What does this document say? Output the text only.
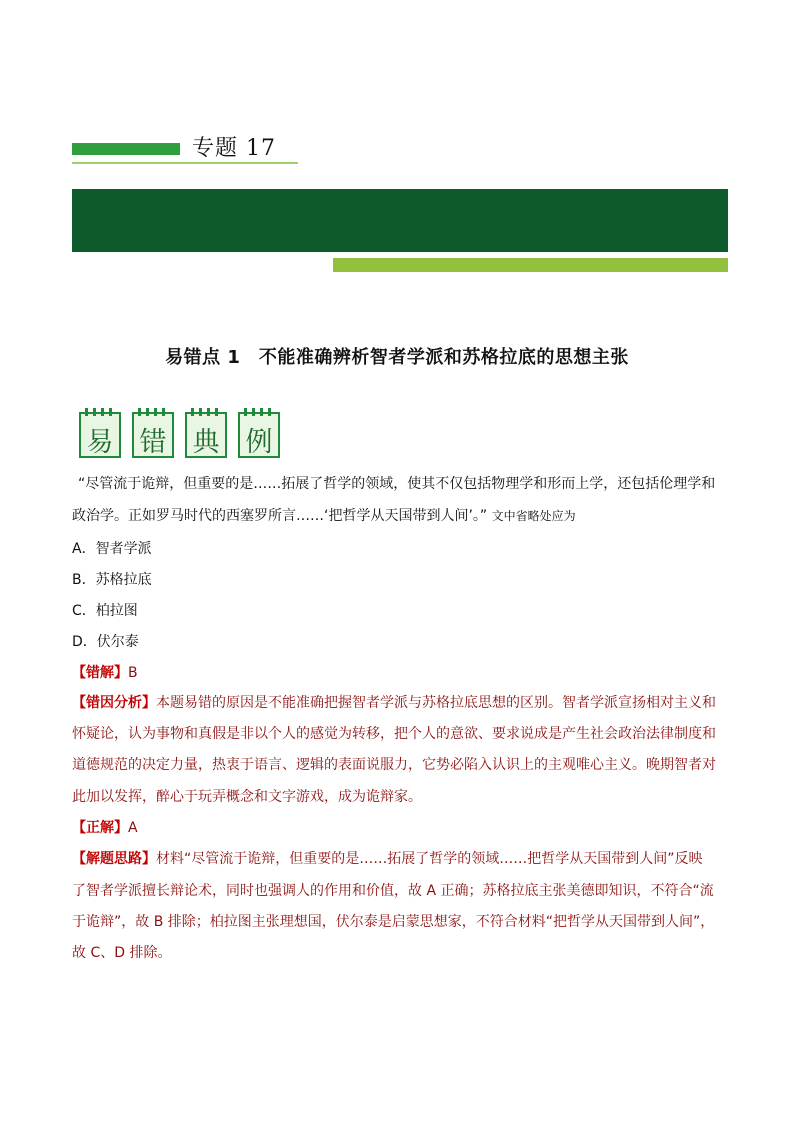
专题 17
易错点 1　不能准确辨析智者学派和苏格拉底的思想主张
易 错 典 例
“尽管流于诡辩，但重要的是……拓展了哲学的领域，使其不仅包括物理学和形而上学，还包括伦理学和
政治学。正如罗马时代的西塞罗所言……‘把哲学从天国带到人间’。” 文中省略处应为
A．智者学派
B．苏格拉底
C．柏拉图
D．伏尔泰
【错解】B
【错因分析】本题易错的原因是不能准确把握智者学派与苏格拉底思想的区别。智者学派宣扬相对主义和
怀疑论，认为事物和真假是非以个人的感觉为转移，把个人的意欲、要求说成是产生社会政治法律制度和
道德规范的决定力量，热衷于语言、逻辑的表面说服力，它势必陷入认识上的主观唯心主义。晚期智者对
此加以发挥，醉心于玩弄概念和文字游戏，成为诡辩家。
【正解】A
【解题思路】材料“尽管流于诡辩，但重要的是……拓展了哲学的领域……把哲学从天国带到人间”反映
了智者学派擅长辩论术，同时也强调人的作用和价值，故 A 正确；苏格拉底主张美德即知识，不符合“流
于诡辩”，故 B 排除；柏拉图主张理想国，伏尔泰是启蒙思想家，不符合材料“把哲学从天国带到人间”，
故 C、D 排除。
